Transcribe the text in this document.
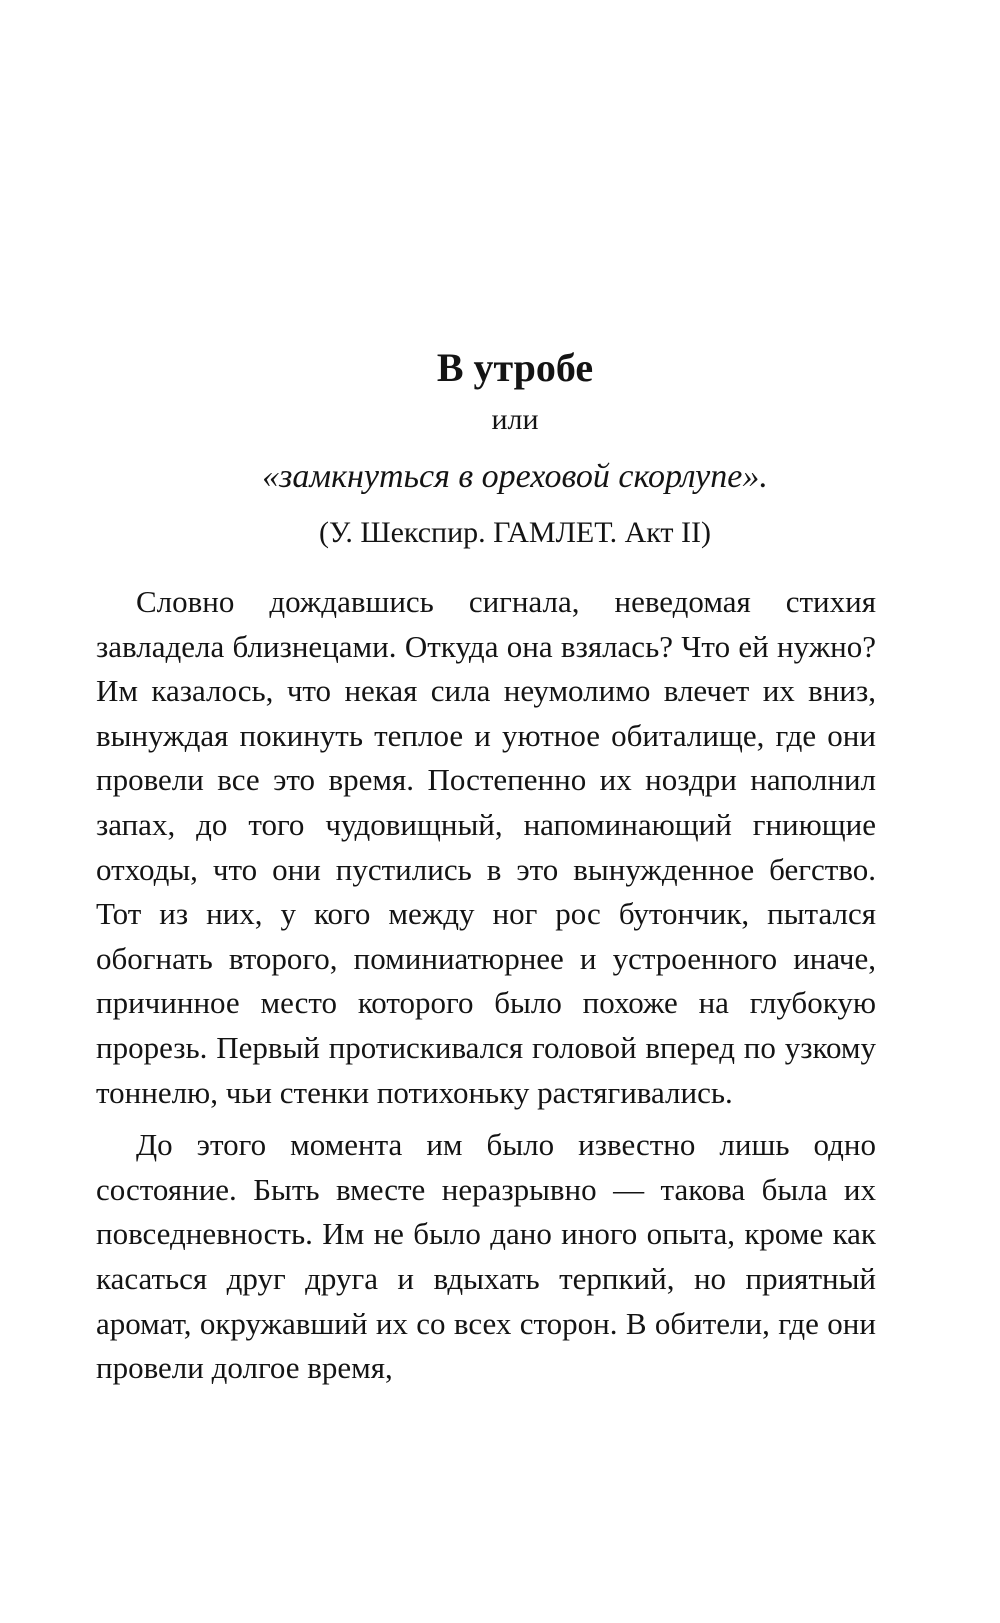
В утробе
или
«замкнуться в ореховой скорлупе».
(У. Шекспир. ГАМЛЕТ. Акт II)

Словно дождавшись сигнала, неведомая стихия завладела близнецами. Откуда она взялась? Что ей нужно? Им казалось, что некая сила неумолимо влечет их вниз, вынуждая покинуть теплое и уютное обиталище, где они провели все это время. Постепенно их ноздри наполнил запах, до того чудовищный, напоминающий гниющие отходы, что они пустились в это вынужденное бегство. Тот из них, у кого между ног рос бутончик, пытался обогнать второго, поминиатюрнее и устроенного иначе, причинное место которого было похоже на глубокую прорезь. Первый протискивался головой вперед по узкому тоннелю, чьи стенки потихоньку растягивались.

До этого момента им было известно лишь одно состояние. Быть вместе неразрывно — такова была их повседневность. Им не было дано иного опыта, кроме как касаться друг друга и вдыхать терпкий, но приятный аромат, окружавший их со всех сторон. В обители, где они провели долгое время,
